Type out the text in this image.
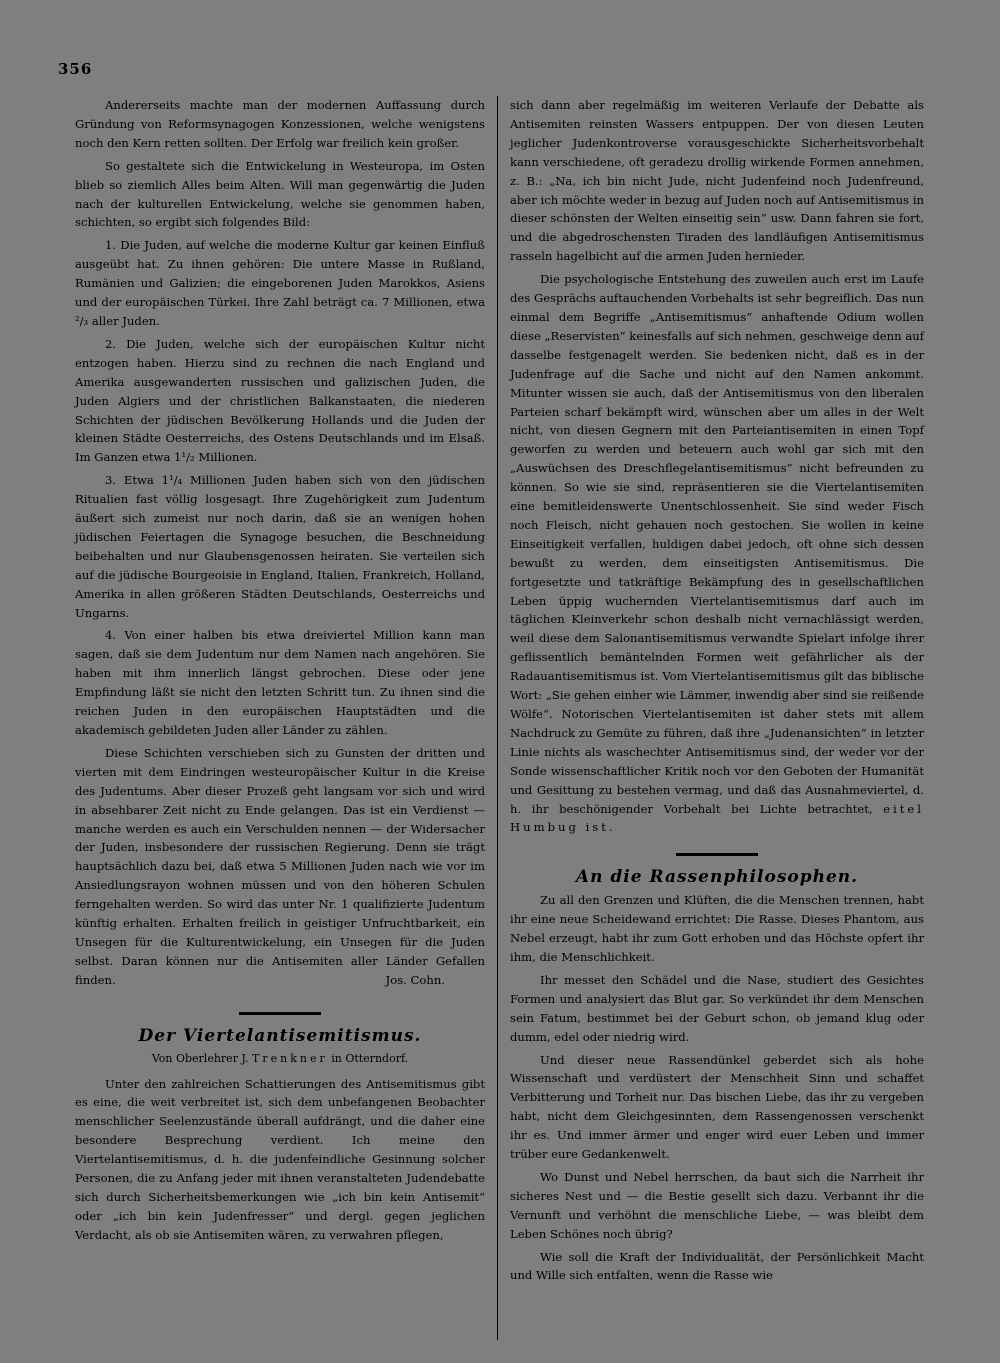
356

Andererseits machte man der modernen Auffassung durch Gründung von Reformsynagogen Konzessionen, welche wenigstens noch den Kern retten sollten. Der Erfolg war freilich kein großer.

So gestaltete sich die Entwickelung in Westeuropa, im Osten blieb so ziemlich Alles beim Alten. Will man gegenwärtig die Juden nach der kulturellen Entwickelung, welche sie genommen haben, schichten, so ergibt sich folgendes Bild:

1. Die Juden, auf welche die moderne Kultur gar keinen Einfluß ausgeübt hat. Zu ihnen gehören: Die untere Masse in Rußland, Rumänien und Galizien; die eingeborenen Juden Marokkos, Asiens und der europäischen Türkei. Ihre Zahl beträgt ca. 7 Millionen, etwa ²/₃ aller Juden.

2. Die Juden, welche sich der europäischen Kultur nicht entzogen haben. Hierzu sind zu rechnen die nach England und Amerika ausgewanderten russischen und galizischen Juden, die Juden Algiers und der christlichen Balkanstaaten, die niederen Schichten der jüdischen Bevölkerung Hollands und die Juden der kleinen Städte Oesterreichs, des Ostens Deutschlands und im Elsaß. Im Ganzen etwa 1¹/₂ Millionen.

3. Etwa 1¹/₄ Millionen Juden haben sich von den jüdischen Ritualien fast völlig losgesagt. Ihre Zugehörigkeit zum Judentum äußert sich zumeist nur noch darin, daß sie an wenigen hohen jüdischen Feiertagen die Synagoge besuchen, die Beschneidung beibehalten und nur Glaubensgenossen heiraten. Sie verteilen sich auf die jüdische Bourgeoisie in England, Italien, Frankreich, Holland, Amerika in allen größeren Städten Deutschlands, Oesterreichs und Ungarns.

4. Von einer halben bis etwa dreiviertel Million kann man sagen, daß sie dem Judentum nur dem Namen nach angehören. Sie haben mit ihm innerlich längst gebrochen. Diese oder jene Empfindung läßt sie nicht den letzten Schritt tun. Zu ihnen sind die reichen Juden in den europäischen Hauptstädten und die akademisch gebildeten Juden aller Länder zu zählen.

Diese Schichten verschieben sich zu Gunsten der dritten und vierten mit dem Eindringen westeuropäischer Kultur in die Kreise des Judentums. Aber dieser Prozeß geht langsam vor sich und wird in absehbarer Zeit nicht zu Ende gelangen. Das ist ein Verdienst — manche werden es auch ein Verschulden nennen — der Widersacher der Juden, insbesondere der russischen Regierung. Denn sie trägt hauptsächlich dazu bei, daß etwa 5 Millionen Juden nach wie vor im Ansiedlungsrayon wohnen müssen und von den höheren Schulen ferngehalten werden. So wird das unter Nr. 1 qualifizierte Judentum künftig erhalten. Erhalten freilich in geistiger Unfruchtbarkeit, ein Unsegen für die Kulturentwickelung, ein Unsegen für die Juden selbst. Daran können nur die Antisemiten aller Länder Gefallen finden.	Jos. Cohn.

Der Viertelantisemitismus.
Von Oberlehrer J. Trenkner in Otterndorf.

Unter den zahlreichen Schattierungen des Antisemitismus gibt es eine, die weit verbreitet ist, sich dem unbefangenen Beobachter menschlicher Seelenzustände überall aufdrängt, und die daher eine besondere Besprechung verdient. Ich meine den Viertelantisemitismus, d. h. die judenfeindliche Gesinnung solcher Personen, die zu Anfang jeder mit ihnen veranstalteten Judendebatte sich durch Sicherheitsbemerkungen wie „ich bin kein Antisemit“ oder „ich bin kein Judenfresser“ und dergl. gegen jeglichen Verdacht, als ob sie Antisemiten wären, zu verwahren pflegen,

sich dann aber regelmäßig im weiteren Verlaufe der Debatte als Antisemiten reinsten Wassers entpuppen. Der von diesen Leuten jeglicher Judenkontroverse vorausgeschickte Sicherheitsvorbehalt kann verschiedene, oft geradezu drollig wirkende Formen annehmen, z. B.: „Na, ich bin nicht Jude, nicht Judenfeind noch Judenfreund, aber ich möchte weder in bezug auf Juden noch auf Antisemitismus in dieser schönsten der Welten einseitig sein“ usw. Dann fahren sie fort, und die abgedroschensten Tiraden des landläufigen Antisemitismus rasseln hagelbicht auf die armen Juden hernieder.

Die psychologische Entstehung des zuweilen auch erst im Laufe des Gesprächs auftauchenden Vorbehalts ist sehr begreiflich. Das nun einmal dem Begriffe „Antisemitismus“ anhaftende Odium wollen diese „Reservisten“ keinesfalls auf sich nehmen, geschweige denn auf dasselbe festgenagelt werden. Sie bedenken nicht, daß es in der Judenfrage auf die Sache und nicht auf den Namen ankommt. Mitunter wissen sie auch, daß der Antisemitismus von den liberalen Parteien scharf bekämpft wird, wünschen aber um alles in der Welt nicht, von diesen Gegnern mit den Parteiantisemiten in einen Topf geworfen zu werden und beteuern auch wohl gar sich mit den „Auswüchsen des Dreschflegelantisemitismus“ nicht befreunden zu können. So wie sie sind, repräsentieren sie die Viertelantisemiten eine bemitleidenswerte Unentschlossenheit. Sie sind weder Fisch noch Fleisch, nicht gehauen noch gestochen. Sie wollen in keine Einseitigkeit verfallen, huldigen dabei jedoch, oft ohne sich dessen bewußt zu werden, dem einseitigsten Antisemitismus. Die fortgesetzte und tatkräftige Bekämpfung des in gesellschaftlichen Leben üppig wuchernden Viertelantisemitismus darf auch im täglichen Kleinverkehr schon deshalb nicht vernachlässigt werden, weil diese dem Salonantisemitismus verwandte Spielart infolge ihrer geflissentlich bemäntelnden Formen weit gefährlicher als der Radauantisemitismus ist. Vom Viertelantisemitismus gilt das biblische Wort: „Sie gehen einher wie Lämmer, inwendig aber sind sie reißende Wölfe“. Notorischen Viertelantisemiten ist daher stets mit allem Nachdruck zu Gemüte zu führen, daß ihre „Judenansichten“ in letzter Linie nichts als waschechter Antisemitismus sind, der weder vor der Sonde wissenschaftlicher Kritik noch vor den Geboten der Humanität und Gesittung zu bestehen vermag, und daß das Ausnahmeviertel, d. h. ihr beschönigender Vorbehalt bei Lichte betrachtet, eitel Humbug ist.

An die Rassenphilosophen.

Zu all den Grenzen und Klüften, die die Menschen trennen, habt ihr eine neue Scheidewand errichtet: Die Rasse. Dieses Phantom, aus Nebel erzeugt, habt ihr zum Gott erhoben und das Höchste opfert ihr ihm, die Menschlichkeit.

Ihr messet den Schädel und die Nase, studiert des Gesichtes Formen und analysiert das Blut gar. So verkündet ihr dem Menschen sein Fatum, bestimmet bei der Geburt schon, ob jemand klug oder dumm, edel oder niedrig wird.

Und dieser neue Rassendünkel geberdet sich als hohe Wissenschaft und verdüstert der Menschheit Sinn und schaffet Verbitterung und Torheit nur. Das bischen Liebe, das ihr zu vergeben habt, nicht dem Gleichgesinnten, dem Rassengenossen verschenkt ihr es. Und immer ärmer und enger wird euer Leben und immer trüber eure Gedankenwelt.

Wo Dunst und Nebel herrschen, da baut sich die Narrheit ihr sicheres Nest und — die Bestie gesellt sich dazu. Verbannt ihr die Vernunft und verhöhnt die menschliche Liebe, — was bleibt dem Leben Schönes noch übrig?

Wie soll die Kraft der Individualität, der Persönlichkeit Macht und Wille sich entfalten, wenn die Rasse wie
